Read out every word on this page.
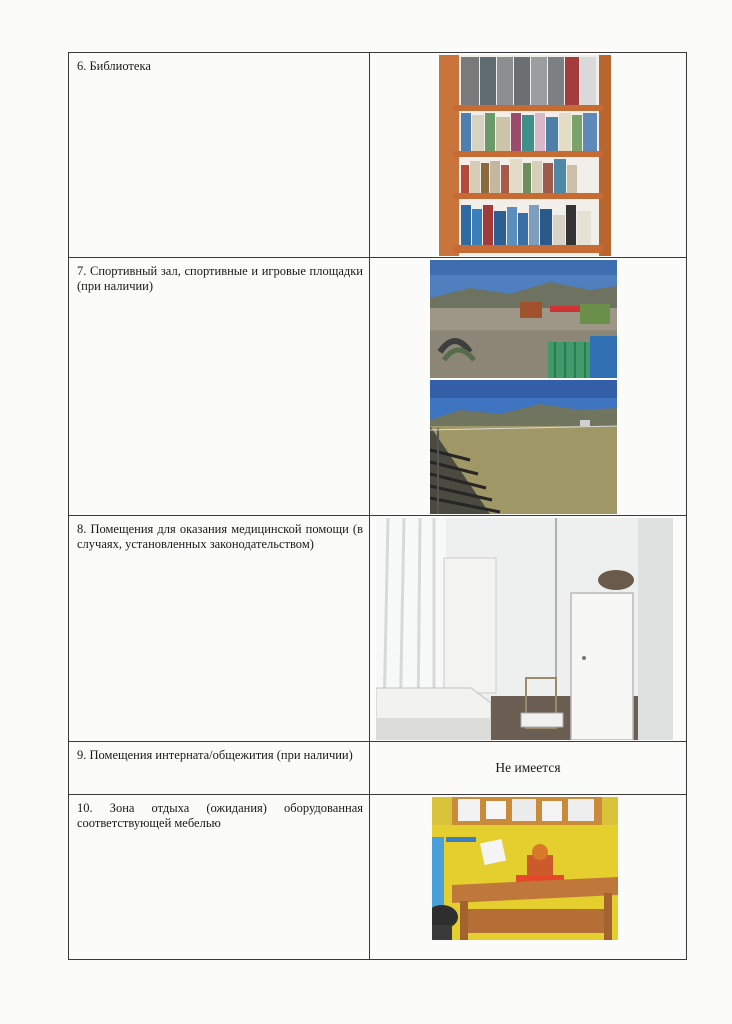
6. Библиотека

7. Спортивный зал, спортивные и игровые площадки (при наличии)

8. Помещения для оказания медицинской помощи (в случаях, установленных законодательством)

9. Помещения интерната/общежития (при наличии)	Не имеется

10. Зона отдыха (ожидания) оборудованная соответствующей мебелью
